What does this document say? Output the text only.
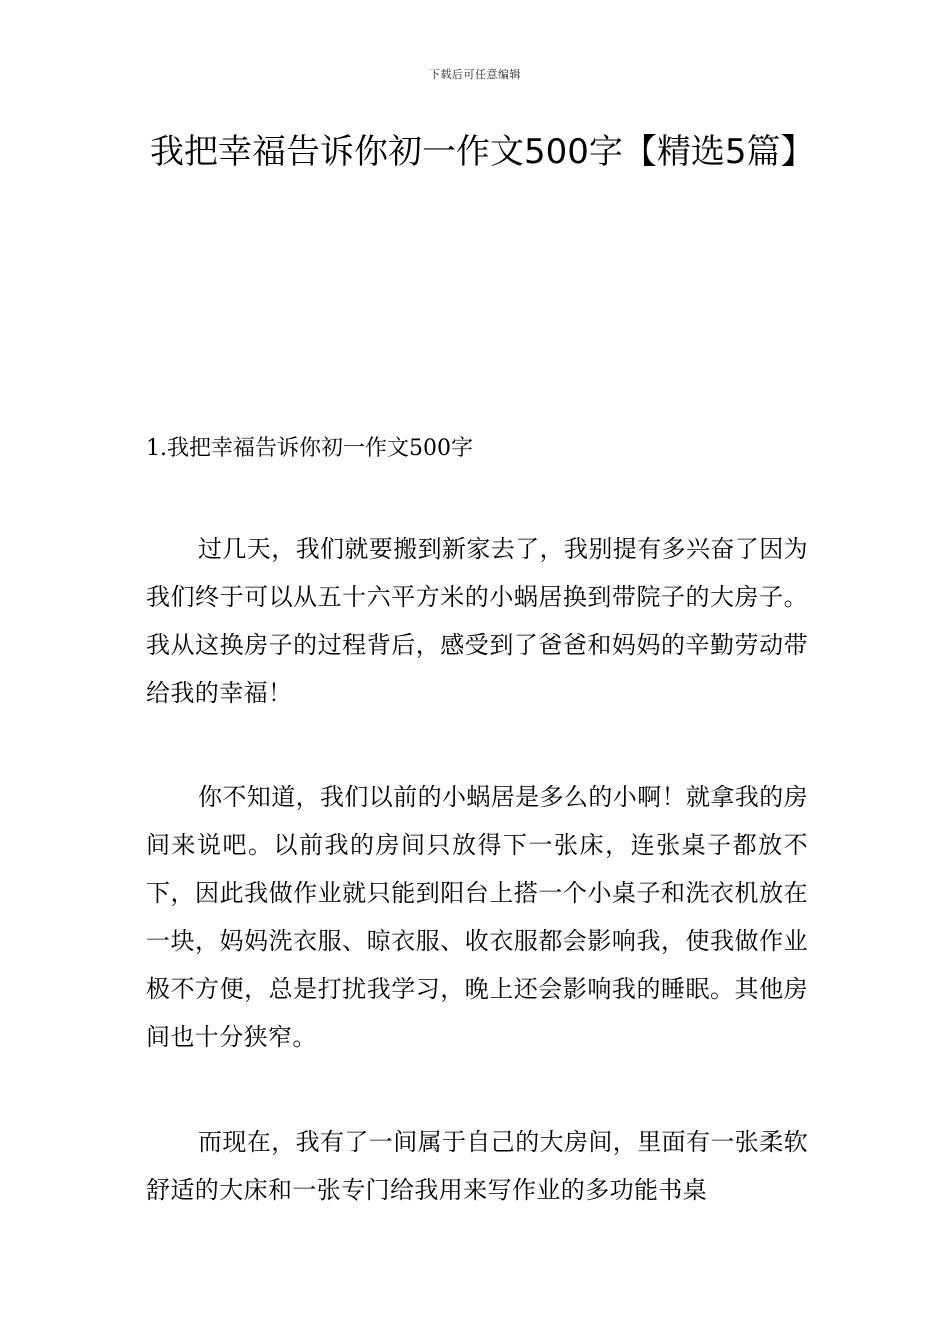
下载后可任意编辑
我把幸福告诉你初一作文500字【精选5篇】
1.我把幸福告诉你初一作文500字

过几天，我们就要搬到新家去了，我别提有多兴奋了因为我们终于可以从五十六平方米的小蜗居换到带院子的大房子。我从这换房子的过程背后，感受到了爸爸和妈妈的辛勤劳动带给我的幸福！

你不知道，我们以前的小蜗居是多么的小啊！就拿我的房间来说吧。以前我的房间只放得下一张床，连张桌子都放不下，因此我做作业就只能到阳台上搭一个小桌子和洗衣机放在一块，妈妈洗衣服、晾衣服、收衣服都会影响我，使我做作业极不方便，总是打扰我学习，晚上还会影响我的睡眠。其他房间也十分狭窄。

而现在，我有了一间属于自己的大房间，里面有一张柔软舒适的大床和一张专门给我用来写作业的多功能书桌
